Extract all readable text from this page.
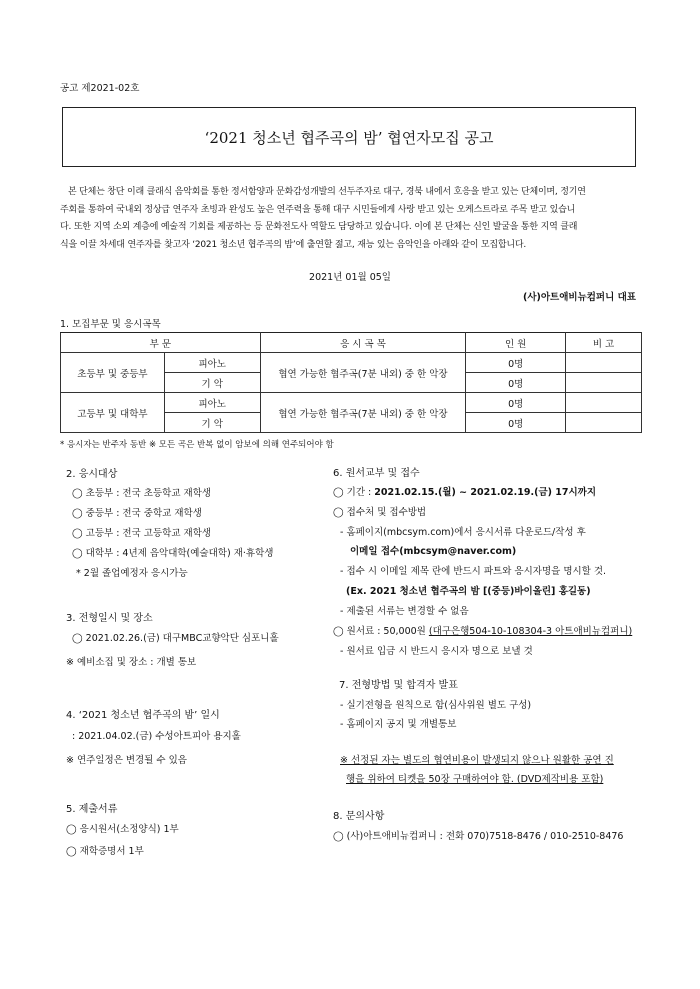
공고 제2021-02호
‘2021 청소년 협주곡의 밤’ 협연자모집 공고
본 단체는 창단 이래 클래식 음악회를 통한 정서함양과 문화감성개발의 선두주자로 대구, 경북 내에서 호응을 받고 있는 단체이며, 정기연
주회를 통하여 국내외 정상급 연주자 초빙과 완성도 높은 연주력을 통해 대구 시민들에게 사랑 받고 있는 오케스트라로 주목 받고 있습니
다. 또한 지역 소외 계층에 예술적 기회를 제공하는 등 문화전도사 역할도 담당하고 있습니다. 이에 본 단체는 신인 발굴을 통한 지역 클래
식을 이끌 차세대 연주자를 찾고자 ‘2021 청소년 협주곡의 밤’에 출연할 젊고, 재능 있는 음악인을 아래와 같이 모집합니다.
2021년 01월 05일
(사)아트애비뉴컴퍼니 대표
1. 모집부문 및 응시곡목
부 문		응 시 곡 목	인 원	비 고
초등부 및 중등부	피아노	협연 가능한 협주곡(7분 내외) 중 한 악장	0명	
	기 악		0명	
고등부 및 대학부	피아노	협연 가능한 협주곡(7분 내외) 중 한 악장	0명	
	기 악		0명	
* 응시자는 반주자 동반 ※ 모든 곡은 반복 없이 암보에 의해 연주되어야 함
2. 응시대상
◯ 초등부 : 전국 초등학교 재학생
◯ 중등부 : 전국 중학교 재학생
◯ 고등부 : 전국 고등학교 재학생
◯ 대학부 : 4년제 음악대학(예술대학) 재·휴학생
* 2월 졸업예정자 응시가능
3. 전형일시 및 장소
◯ 2021.02.26.(금) 대구MBC교향악단 심포니홀
※ 예비소집 및 장소 : 개별 통보
4. ‘2021 청소년 협주곡의 밤’ 일시
: 2021.04.02.(금) 수성아트피아 용지홀
※ 연주일정은 변경될 수 있음
5. 제출서류
◯ 응시원서(소정양식) 1부
◯ 재학증명서 1부
6. 원서교부 및 접수
◯ 기간 : 2021.02.15.(월) ~ 2021.02.19.(금) 17시까지
◯ 접수처 및 접수방법
- 홈페이지(mbcsym.com)에서 응시서류 다운로드/작성 후
이메일 접수(mbcsym@naver.com)
- 접수 시 이메일 제목 란에 반드시 파트와 응시자명을 명시할 것.
(Ex. 2021 청소년 협주곡의 밤 [(중등)바이올린] 홍길동)
- 제출된 서류는 변경할 수 없음
◯ 원서료 : 50,000원 (대구은행504-10-108304-3 아트애비뉴컴퍼니)
- 원서료 입금 시 반드시 응시자 명으로 보낼 것
7. 전형방법 및 합격자 발표
- 실기전형을 원칙으로 함(심사위원 별도 구성)
- 홈페이지 공지 및 개별통보
※ 선정된 자는 별도의 협연비용이 발생되지 않으나 원활한 공연 진
행을 위하여 티켓을 50장 구매하여야 함. (DVD제작비용 포함)
8. 문의사항
◯ (사)아트애비뉴컴퍼니 : 전화 070)7518-8476 / 010-2510-8476
